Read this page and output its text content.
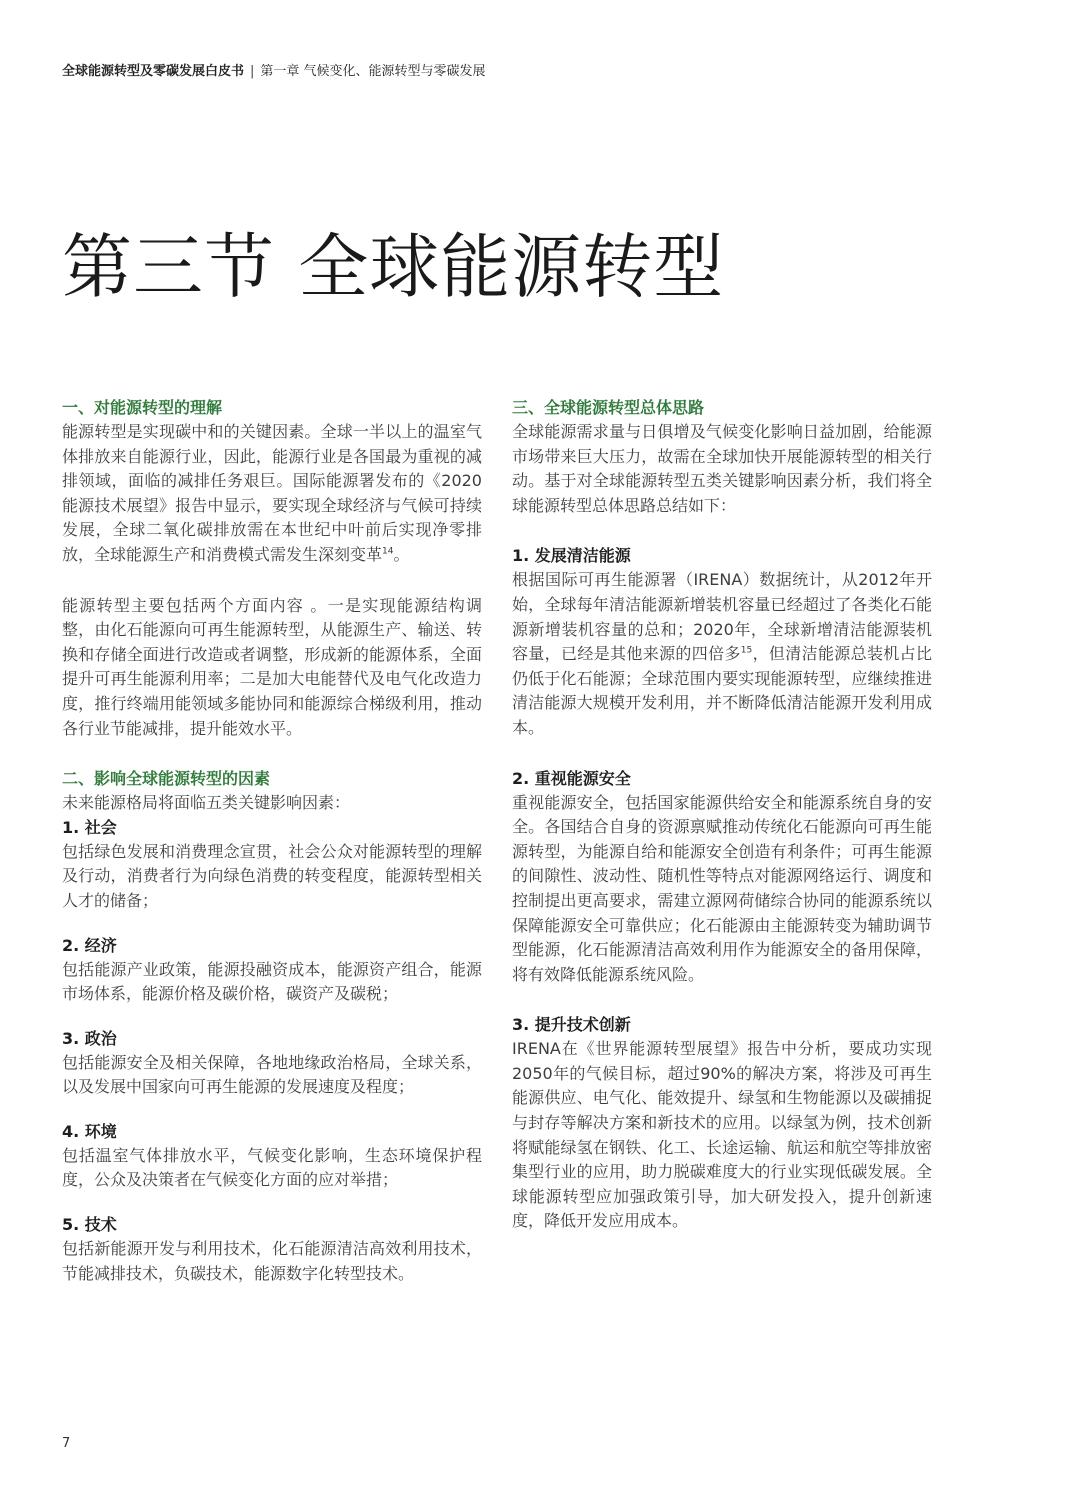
全球能源转型及零碳发展白皮书 | 第一章 气候变化、能源转型与零碳发展
第三节 全球能源转型

一、对能源转型的理解

能源转型是实现碳中和的关键因素。全球一半以上的温室气体排放来自能源行业，因此，能源行业是各国最为重视的减排领域，面临的减排任务艰巨。国际能源署发布的《2020能源技术展望》报告中显示，要实现全球经济与气候可持续发展，全球二氧化碳排放需在本世纪中叶前后实现净零排放，全球能源生产和消费模式需发生深刻变革$^{14}$。

能源转型主要包括两个方面内容 。一是实现能源结构调整，由化石能源向可再生能源转型，从能源生产、输送、转换和存储全面进行改造或者调整，形成新的能源体系，全面提升可再生能源利用率；二是加大电能替代及电气化改造力度，推行终端用能领域多能协同和能源综合梯级利用，推动各行业节能减排，提升能效水平。

二、影响全球能源转型的因素

未来能源格局将面临五类关键影响因素：

1. 社会

包括绿色发展和消费理念宣贯，社会公众对能源转型的理解及行动，消费者行为向绿色消费的转变程度，能源转型相关人才的储备；

2. 经济

包括能源产业政策，能源投融资成本，能源资产组合，能源市场体系，能源价格及碳价格，碳资产及碳税；

3. 政治

包括能源安全及相关保障，各地地缘政治格局，全球关系，以及发展中国家向可再生能源的发展速度及程度；

4. 环境

包括温室气体排放水平，气候变化影响，生态环境保护程度，公众及决策者在气候变化方面的应对举措；

5. 技术

包括新能源开发与利用技术，化石能源清洁高效利用技术，节能减排技术，负碳技术，能源数字化转型技术。

三、全球能源转型总体思路

全球能源需求量与日俱增及气候变化影响日益加剧，给能源市场带来巨大压力，故需在全球加快开展能源转型的相关行动。基于对全球能源转型五类关键影响因素分析，我们将全球能源转型总体思路总结如下：

1. 发展清洁能源

根据国际可再生能源署（IRENA）数据统计，从2012年开始，全球每年清洁能源新增装机容量已经超过了各类化石能源新增装机容量的总和；2020年，全球新增清洁能源装机容量，已经是其他来源的四倍多$^{15}$，但清洁能源总装机占比仍低于化石能源；全球范围内要实现能源转型，应继续推进清洁能源大规模开发利用，并不断降低清洁能源开发利用成本。

2. 重视能源安全

重视能源安全，包括国家能源供给安全和能源系统自身的安全。各国结合自身的资源禀赋推动传统化石能源向可再生能源转型，为能源自给和能源安全创造有利条件；可再生能源的间隙性、波动性、随机性等特点对能源网络运行、调度和控制提出更高要求，需建立源网荷储综合协同的能源系统以保障能源安全可靠供应；化石能源由主能源转变为辅助调节型能源，化石能源清洁高效利用作为能源安全的备用保障，将有效降低能源系统风险。

3. 提升技术创新

IRENA在《世界能源转型展望》报告中分析，要成功实现2050年的气候目标，超过90%的解决方案，将涉及可再生能源供应、电气化、能效提升、绿氢和生物能源以及碳捕捉与封存等解决方案和新技术的应用。以绿氢为例，技术创新将赋能绿氢在钢铁、化工、长途运输、航运和航空等排放密集型行业的应用，助力脱碳难度大的行业实现低碳发展。全球能源转型应加强政策引导，加大研发投入，提升创新速度，降低开发应用成本。

7
